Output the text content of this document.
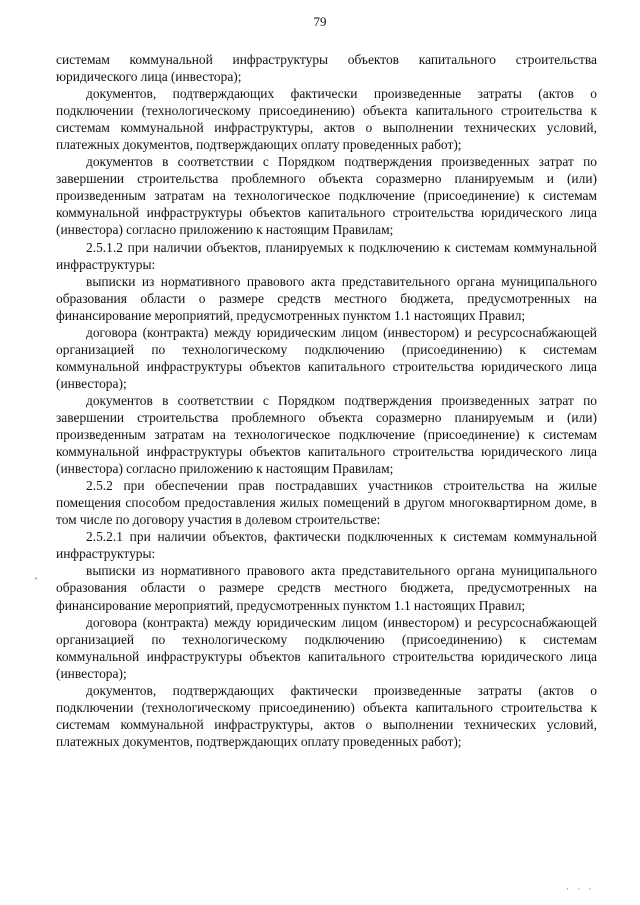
79

системам коммунальной инфраструктуры объектов капитального строительства юридического лица (инвестора);

документов, подтверждающих фактически произведенные затраты (актов о подключении (технологическому присоединению) объекта капитального строительства к системам коммунальной инфраструктуры, актов о выполнении технических условий, платежных документов, подтверждающих оплату проведенных работ);

документов в соответствии с Порядком подтверждения произведенных затрат по завершении строительства проблемного объекта соразмерно планируемым и (или) произведенным затратам на технологическое подключение (присоединение) к системам коммунальной инфраструктуры объектов капитального строительства юридического лица (инвестора) согласно приложению к настоящим Правилам;

2.5.1.2 при наличии объектов, планируемых к подключению к системам коммунальной инфраструктуры:

выписки из нормативного правового акта представительного органа муниципального образования области о размере средств местного бюджета, предусмотренных на финансирование мероприятий, предусмотренных пунктом 1.1 настоящих Правил;

договора (контракта) между юридическим лицом (инвестором) и ресурсоснабжающей организацией по технологическому подключению (присоединению) к системам коммунальной инфраструктуры объектов капитального строительства юридического лица (инвестора);

документов в соответствии с Порядком подтверждения произведенных затрат по завершении строительства проблемного объекта соразмерно планируемым и (или) произведенным затратам на технологическое подключение (присоединение) к системам коммунальной инфраструктуры объектов капитального строительства юридического лица (инвестора) согласно приложению к настоящим Правилам;

2.5.2 при обеспечении прав пострадавших участников строительства на жилые помещения способом предоставления жилых помещений в другом многоквартирном доме, в том числе по договору участия в долевом строительстве:

2.5.2.1 при наличии объектов, фактически подключенных к системам коммунальной инфраструктуры:

выписки из нормативного правового акта представительного органа муниципального образования области о размере средств местного бюджета, предусмотренных на финансирование мероприятий, предусмотренных пунктом 1.1 настоящих Правил;

договора (контракта) между юридическим лицом (инвестором) и ресурсоснабжающей организацией по технологическому подключению (присоединению) к системам коммунальной инфраструктуры объектов капитального строительства юридического лица (инвестора);

документов, подтверждающих фактически произведенные затраты (актов о подключении (технологическому присоединению) объекта капитального строительства к системам коммунальной инфраструктуры, актов о выполнении технических условий, платежных документов, подтверждающих оплату проведенных работ);

`
· · ·
